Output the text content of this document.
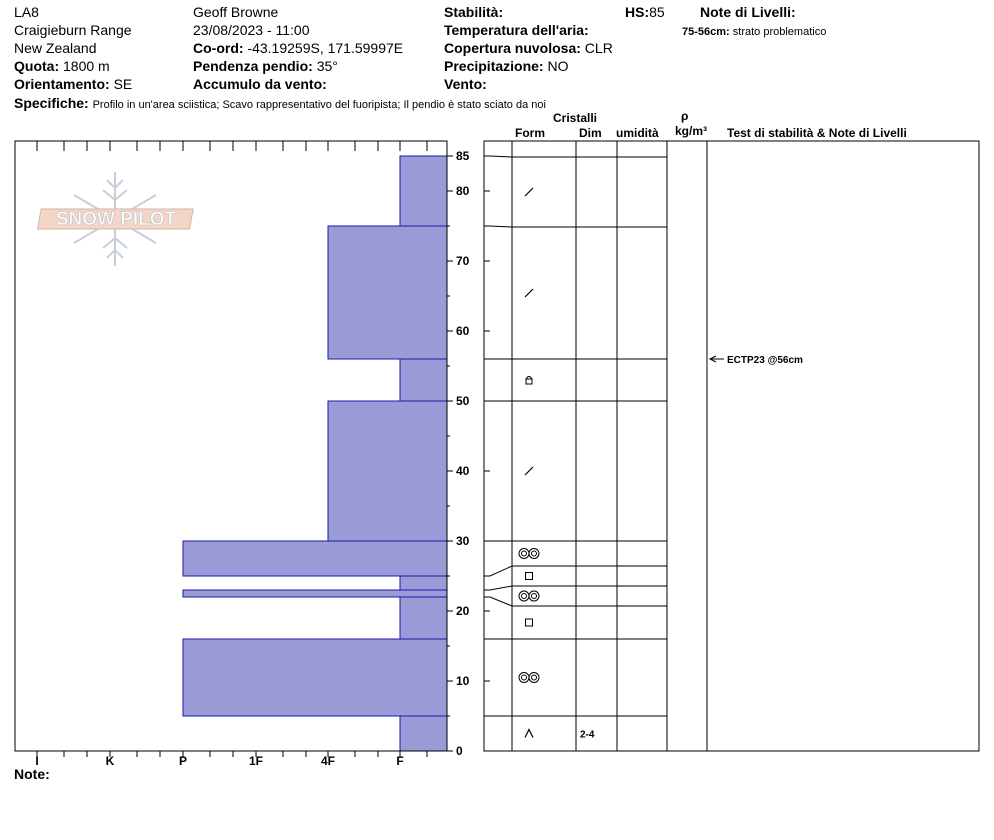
LA8
Craigieburn Range
New Zealand
Quota: 1800 m
Orientamento: SE
Geoff Browne
23/08/2023 - 11:00
Co-ord: -43.19259S, 171.59997E
Pendenza pendio: 35°
Accumulo da vento:
Stabilità:
Temperatura dell'aria:
Copertura nuvolosa: CLR
Precipitazione: NO
Vento:
HS:85	Note di Livelli:
75-56cm: strato problematico
Specifiche: Profilo in un'area sciistica; Scavo rappresentativo del fuoripista; Il pendio è stato sciato da noi
Cristalli
Form	Dim umidità
ρ
kg/m³ Test di stabilità & Note di Livelli
SNOW PILOT
0
10
20
30
40
50
60
70
80
85
I	K	P	1F	4F	F
2-4
ECTP23 @56cm
Note:
